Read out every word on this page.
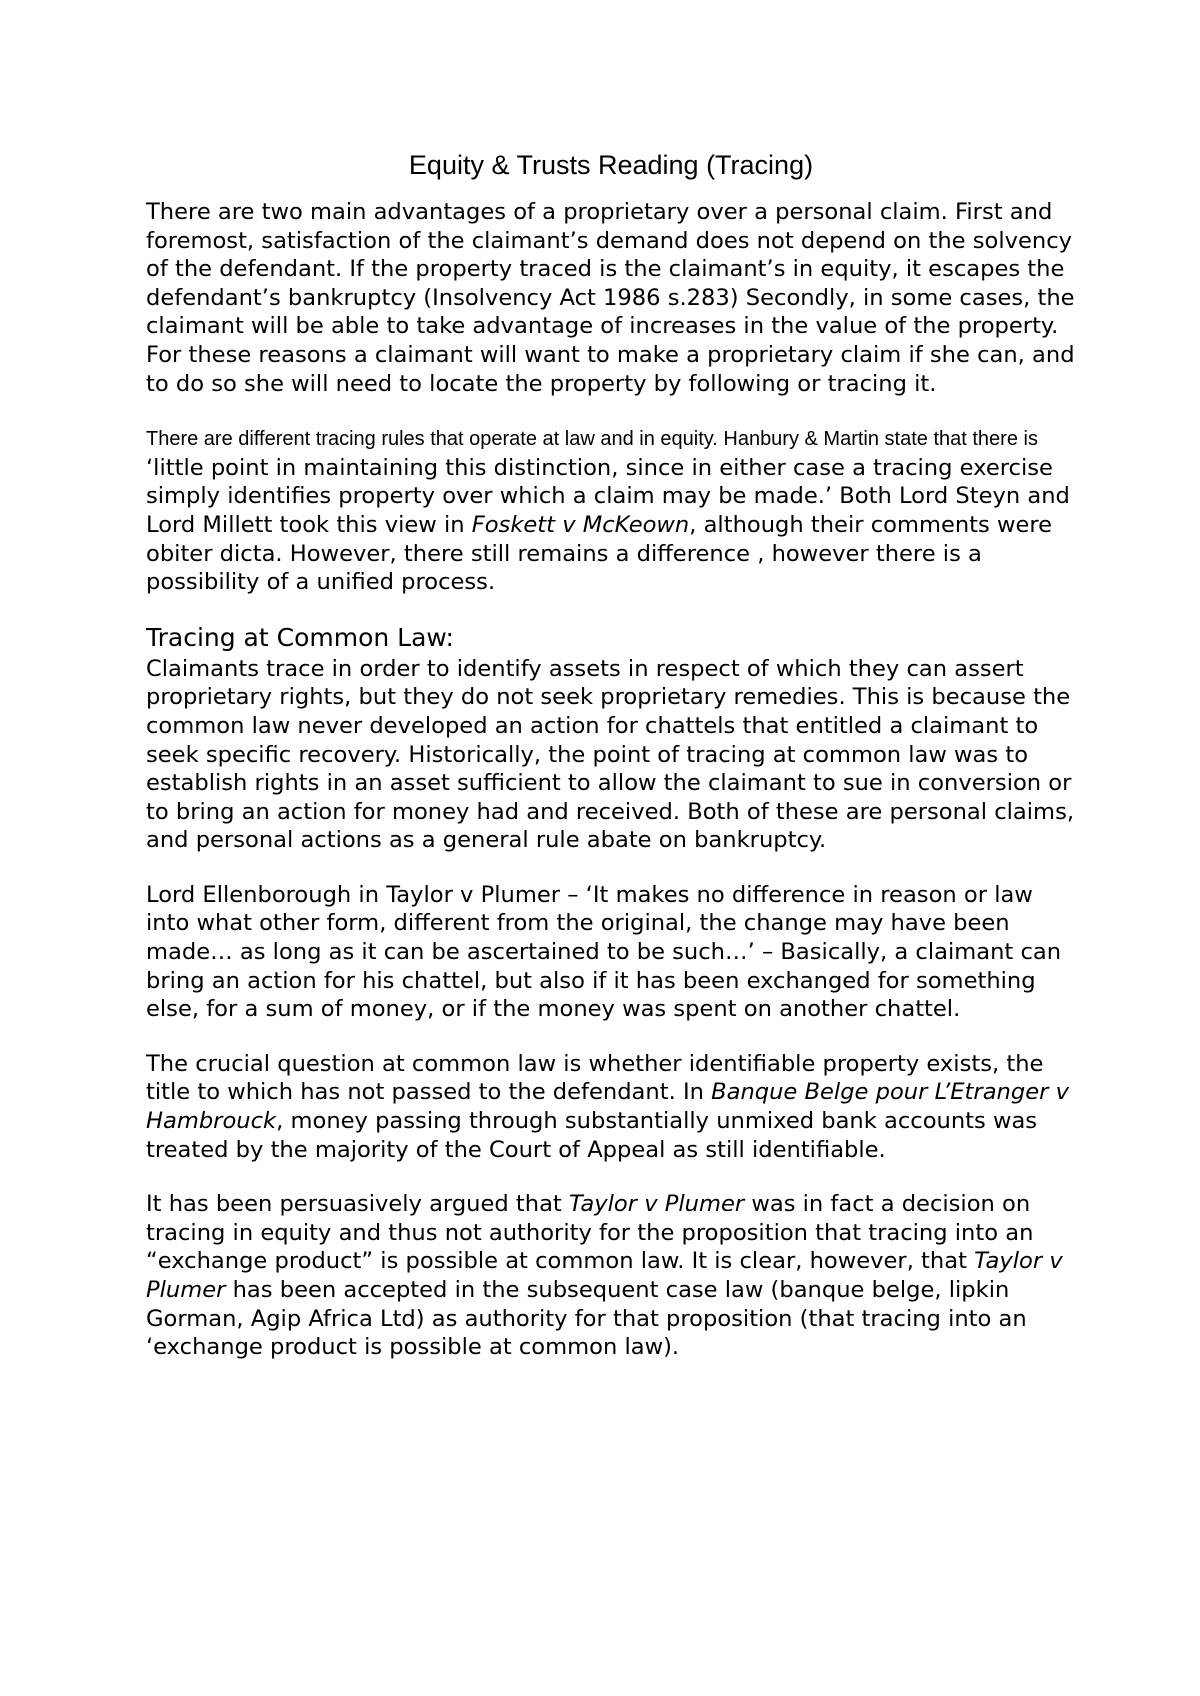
Equity & Trusts Reading (Tracing)

There are two main advantages of a proprietary over a personal claim. First and foremost, satisfaction of the claimant’s demand does not depend on the solvency of the defendant. If the property traced is the claimant’s in equity, it escapes the defendant’s bankruptcy (Insolvency Act 1986 s.283) Secondly, in some cases, the claimant will be able to take advantage of increases in the value of the property. For these reasons a claimant will want to make a proprietary claim if she can, and to do so she will need to locate the property by following or tracing it.

There are different tracing rules that operate at law and in equity. Hanbury & Martin state that there is ‘little point in maintaining this distinction, since in either case a tracing exercise simply identifies property over which a claim may be made.’ Both Lord Steyn and Lord Millett took this view in Foskett v McKeown, although their comments were obiter dicta. However, there still remains a difference , however there is a possibility of a unified process.

Tracing at Common Law:

Claimants trace in order to identify assets in respect of which they can assert proprietary rights, but they do not seek proprietary remedies. This is because the common law never developed an action for chattels that entitled a claimant to seek specific recovery. Historically, the point of tracing at common law was to establish rights in an asset sufficient to allow the claimant to sue in conversion or to bring an action for money had and received. Both of these are personal claims, and personal actions as a general rule abate on bankruptcy.

Lord Ellenborough in Taylor v Plumer – ‘It makes no difference in reason or law into what other form, different from the original, the change may have been made… as long as it can be ascertained to be such…’ – Basically, a claimant can bring an action for his chattel, but also if it has been exchanged for something else, for a sum of money, or if the money was spent on another chattel.

The crucial question at common law is whether identifiable property exists, the title to which has not passed to the defendant. In Banque Belge pour L’Etranger v Hambrouck, money passing through substantially unmixed bank accounts was treated by the majority of the Court of Appeal as still identifiable.

It has been persuasively argued that Taylor v Plumer was in fact a decision on tracing in equity and thus not authority for the proposition that tracing into an “exchange product” is possible at common law. It is clear, however, that Taylor v Plumer has been accepted in the subsequent case law (banque belge, lipkin Gorman, Agip Africa Ltd) as authority for that proposition (that tracing into an ‘exchange product is possible at common law).
